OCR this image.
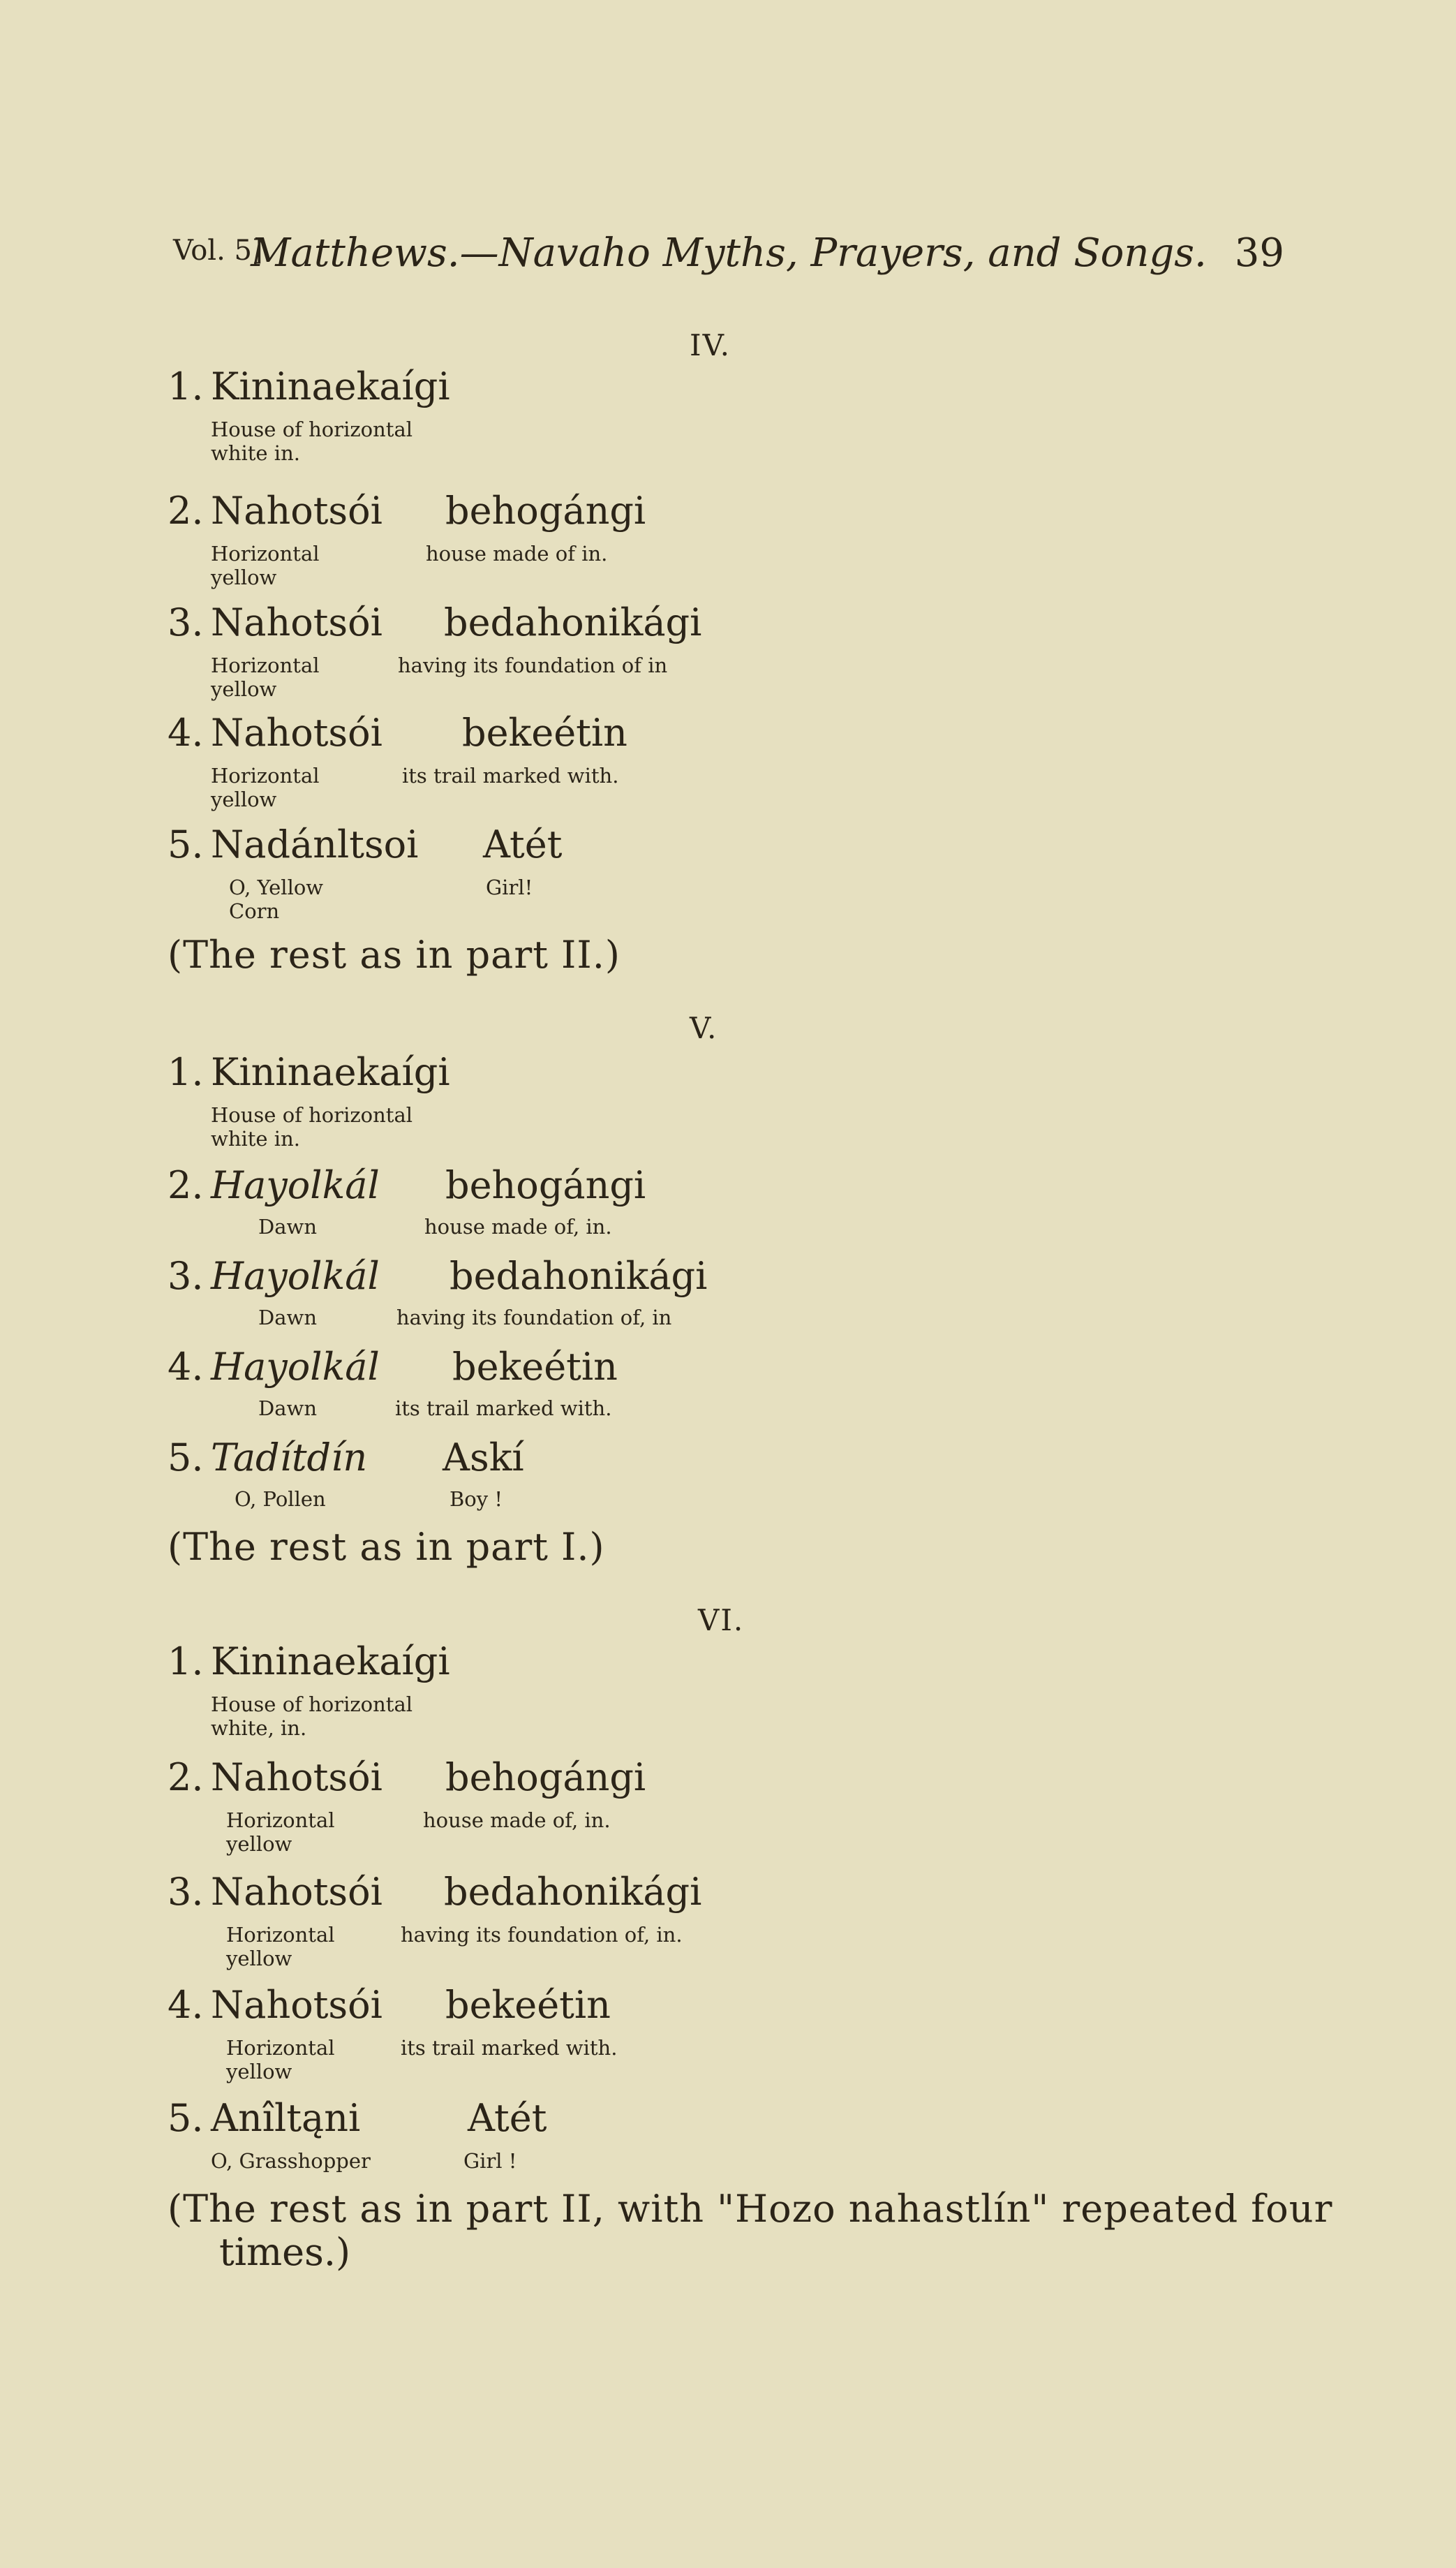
Vol. 5]
Matthews.—Navaho Myths, Prayers, and Songs. 39
IV.
1. Kininaekaígi
House of horizontal white in.
2. Nahotsói
Horizontal yellow
behogángi
house made of in.
3. Nahotsói
Horizontal yellow
bedahonikági
having its foundation of in
4. Nahotsói
Horizontal yellow
bekeétin
its trail marked with.
5. Nadánltsoi
O, Yellow Corn
Atét
Girl!
(The rest as in part II.)
V.
1. Kininaekaígi
House of horizontal white in.
2. Hayolkál
Dawn
behogángi
house made of, in.
3. Hayolkál
Dawn
bedahonikági
having its foundation of, in
4. Hayolkál
Dawn
bekeétin
its trail marked with.
5. Tadítdín
O, Pollen
Askí
Boy !
(The rest as in part I.)
VI.
1. Kininaekaígi
House of horizontal white, in.
2. Nahotsói
Horizontal yellow
behogángi
house made of, in.
3. Nahotsói
Horizontal yellow
bedahonikági
having its foundation of, in.
4. Nahotsói
Horizontal yellow
bekeétin
its trail marked with.
5. Anîltąni
O, Grasshopper
Atét
Girl !
(The rest as in part II, with "Hozo nahastlín" repeated four
times.)
